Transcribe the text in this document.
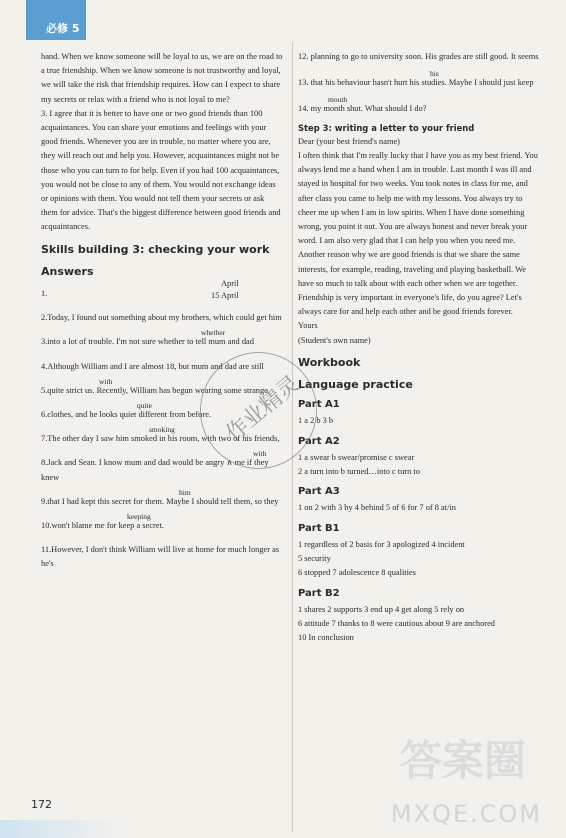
必修 5

hand. When we know someone will be loyal to us, we are on the road to a true friendship. When we know someone is not trustworthy and loyal, we will take the risk that friendship requires. How can I expect to share my secrets or relax with a friend who is not loyal to me?

3. I agree that it is better to have one or two good friends than 100 acquaintances. You can share your emotions and feelings with your good friends. Whenever you are in trouble, no matter where you are, they will reach out and help you. However, acquaintances might not be those who you can turn to for help. Even if you had 100 acquaintances, you would not be close to any of them. You would not exchange ideas or opinions with them. You would not tell them your secrets or ask them for advice. That's the biggest difference between good friends and acquaintances.

Skills building 3: checking your work
Answers

1.
April
15 April

2.Today, I found out something about my brothers, which could get him

whether
3.into a lot of trouble. I'm not sure whether to tell mum and dad

4.Although William and I are almost 18, but mum and dad are still

with
5.quite strict us. Recently, William has begun wearing some strange

quite
6.clothes, and he looks quiet different from before.

smoking
7.The other day I saw him smoked in his room, with two of his friends,

with
8.Jack and Sean. I know mum and dad would be angry ∧ me if they knew

him
9.that I had kept this secret for them. Maybe I should tell them, so they

keeping
10.won't blame me for keep a secret.

11.However, I don't think William will live at home for much longer as he's

12. planning to go to university soon. His grades are still good. It seems

his
13. that his behaviour hasn't hurt his studies. Maybe I should just keep

mouth
14. my month shut. What should I do?

Step 3: writing a letter to your friend

Dear (your best friend's name)

I often think that I'm really lucky that I have you as my best friend. You always lend me a hand when I am in trouble. Last month I was ill and stayed in hospital for two weeks. You took notes in class for me, and after class you came to help me with my lessons. You always try to cheer me up when I am in low spirits. When I have done something wrong, you point it out. You are always honest and never break your word. I am also very glad that I can help you when you need me.

Another reason why we are good friends is that we share the same interests, for example, reading, traveling and playing basketball. We have so much to talk about with each other when we are together.

Friendship is very important in everyone's life, do you agree? Let's always care for and help each other and be good friends forever.

Yours

(Student's own name)

Workbook
Language practice
Part A1

1 a 2 b 3 b

Part A2

1 a swear b swear/promise c swear

2 a turn into b turned…into c turn to

Part A3

1 on 2 with 3 by 4 behind 5 of 6 for 7 of 8 at/in

Part B1

1 regardless of 2 basis for 3 apologized 4 incident

5 security

6 stopped 7 adolescence 8 qualities

Part B2

1 shares 2 supports 3 end up 4 get along 5 rely on

6 attitude 7 thanks to 8 were cautious about 9 are anchored

10 In conclusion

作业精灵
172
答案圈
MXQE.COM
